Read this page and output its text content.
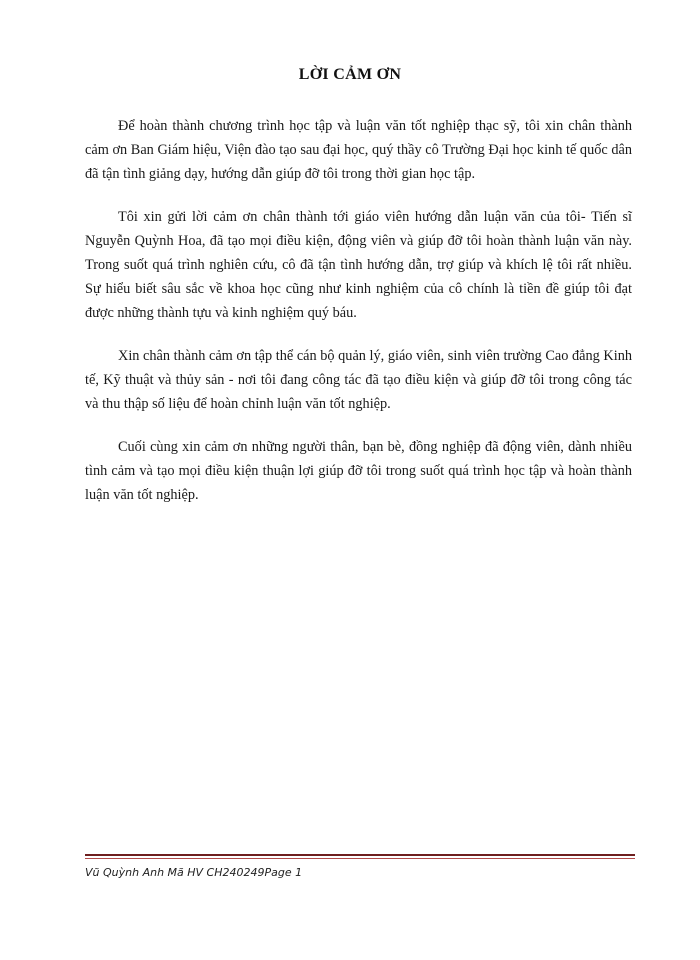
LỜI CẢM ƠN

Để hoàn thành chương trình học tập và luận văn tốt nghiệp thạc sỹ, tôi xin chân thành cảm ơn Ban Giám hiệu, Viện đào tạo sau đại học, quý thầy cô Trường Đại học kinh tế quốc dân đã tận tình giảng dạy, hướng dẫn giúp đỡ tôi trong thời gian học tập.

Tôi xin gửi lời cảm ơn chân thành tới giáo viên hướng dẫn luận văn của tôi- Tiến sĩ Nguyễn Quỳnh Hoa, đã tạo mọi điều kiện, động viên và giúp đỡ tôi hoàn thành luận văn này. Trong suốt quá trình nghiên cứu, cô đã tận tình hướng dẫn, trợ giúp và khích lệ tôi rất nhiều. Sự hiểu biết sâu sắc về khoa học cũng như kinh nghiệm của cô chính là tiền đề giúp tôi đạt được những thành tựu và kinh nghiệm quý báu.

Xin chân thành cảm ơn tập thể cán bộ quản lý, giáo viên, sinh viên trường Cao đẳng Kinh tế, Kỹ thuật và thủy sản - nơi tôi đang công tác đã tạo điều kiện và giúp đỡ tôi trong công tác và thu thập số liệu để hoàn chỉnh luận văn tốt nghiệp.

Cuối cùng xin cảm ơn những người thân, bạn bè, đồng nghiệp đã động viên, dành nhiều tình cảm và tạo mọi điều kiện thuận lợi giúp đỡ tôi trong suốt quá trình học tập và hoàn thành luận văn tốt nghiệp.

Vũ Quỳnh Anh Mã HV CH240249Page 1
